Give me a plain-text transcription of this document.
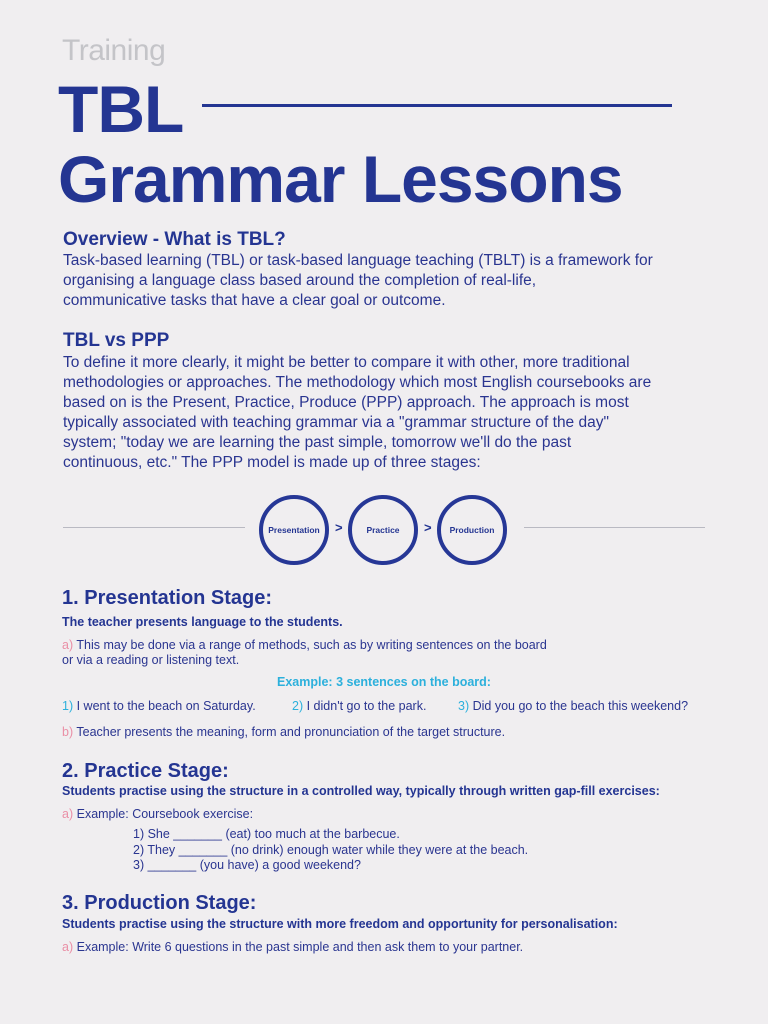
Training
TBL
Grammar Lessons
Overview - What is TBL?
Task-based learning (TBL) or task-based language teaching (TBLT) is a framework for
organising a language class based around the completion of real-life,
communicative tasks that have a clear goal or outcome.
TBL vs PPP
To define it more clearly, it might be better to compare it with other, more traditional
methodologies or approaches. The methodology which most English coursebooks are
based on is the Present, Practice, Produce (PPP) approach. The approach is most
typically associated with teaching grammar via a "grammar structure of the day"
system; "today we are learning the past simple, tomorrow we'll do the past
continuous, etc." The PPP model is made up of three stages:
Presentation	>	Practice	>	Production
1. Presentation Stage:
The teacher presents language to the students.
a) This may be done via a range of methods, such as by writing sentences on the board
or via a reading or listening text.
Example: 3 sentences on the board:
1) I went to the beach on Saturday.	2) I didn't go to the park.	3) Did you go to the beach this weekend?
b) Teacher presents the meaning, form and pronunciation of the target structure.
2. Practice Stage:
Students practise using the structure in a controlled way, typically through written gap-fill exercises:
a) Example: Coursebook exercise:
1) She _______ (eat) too much at the barbecue.
2) They _______ (no drink) enough water while they were at the beach.
3) _______ (you have) a good weekend?
3. Production Stage:
Students practise using the structure with more freedom and opportunity for personalisation:
a) Example: Write 6 questions in the past simple and then ask them to your partner.
